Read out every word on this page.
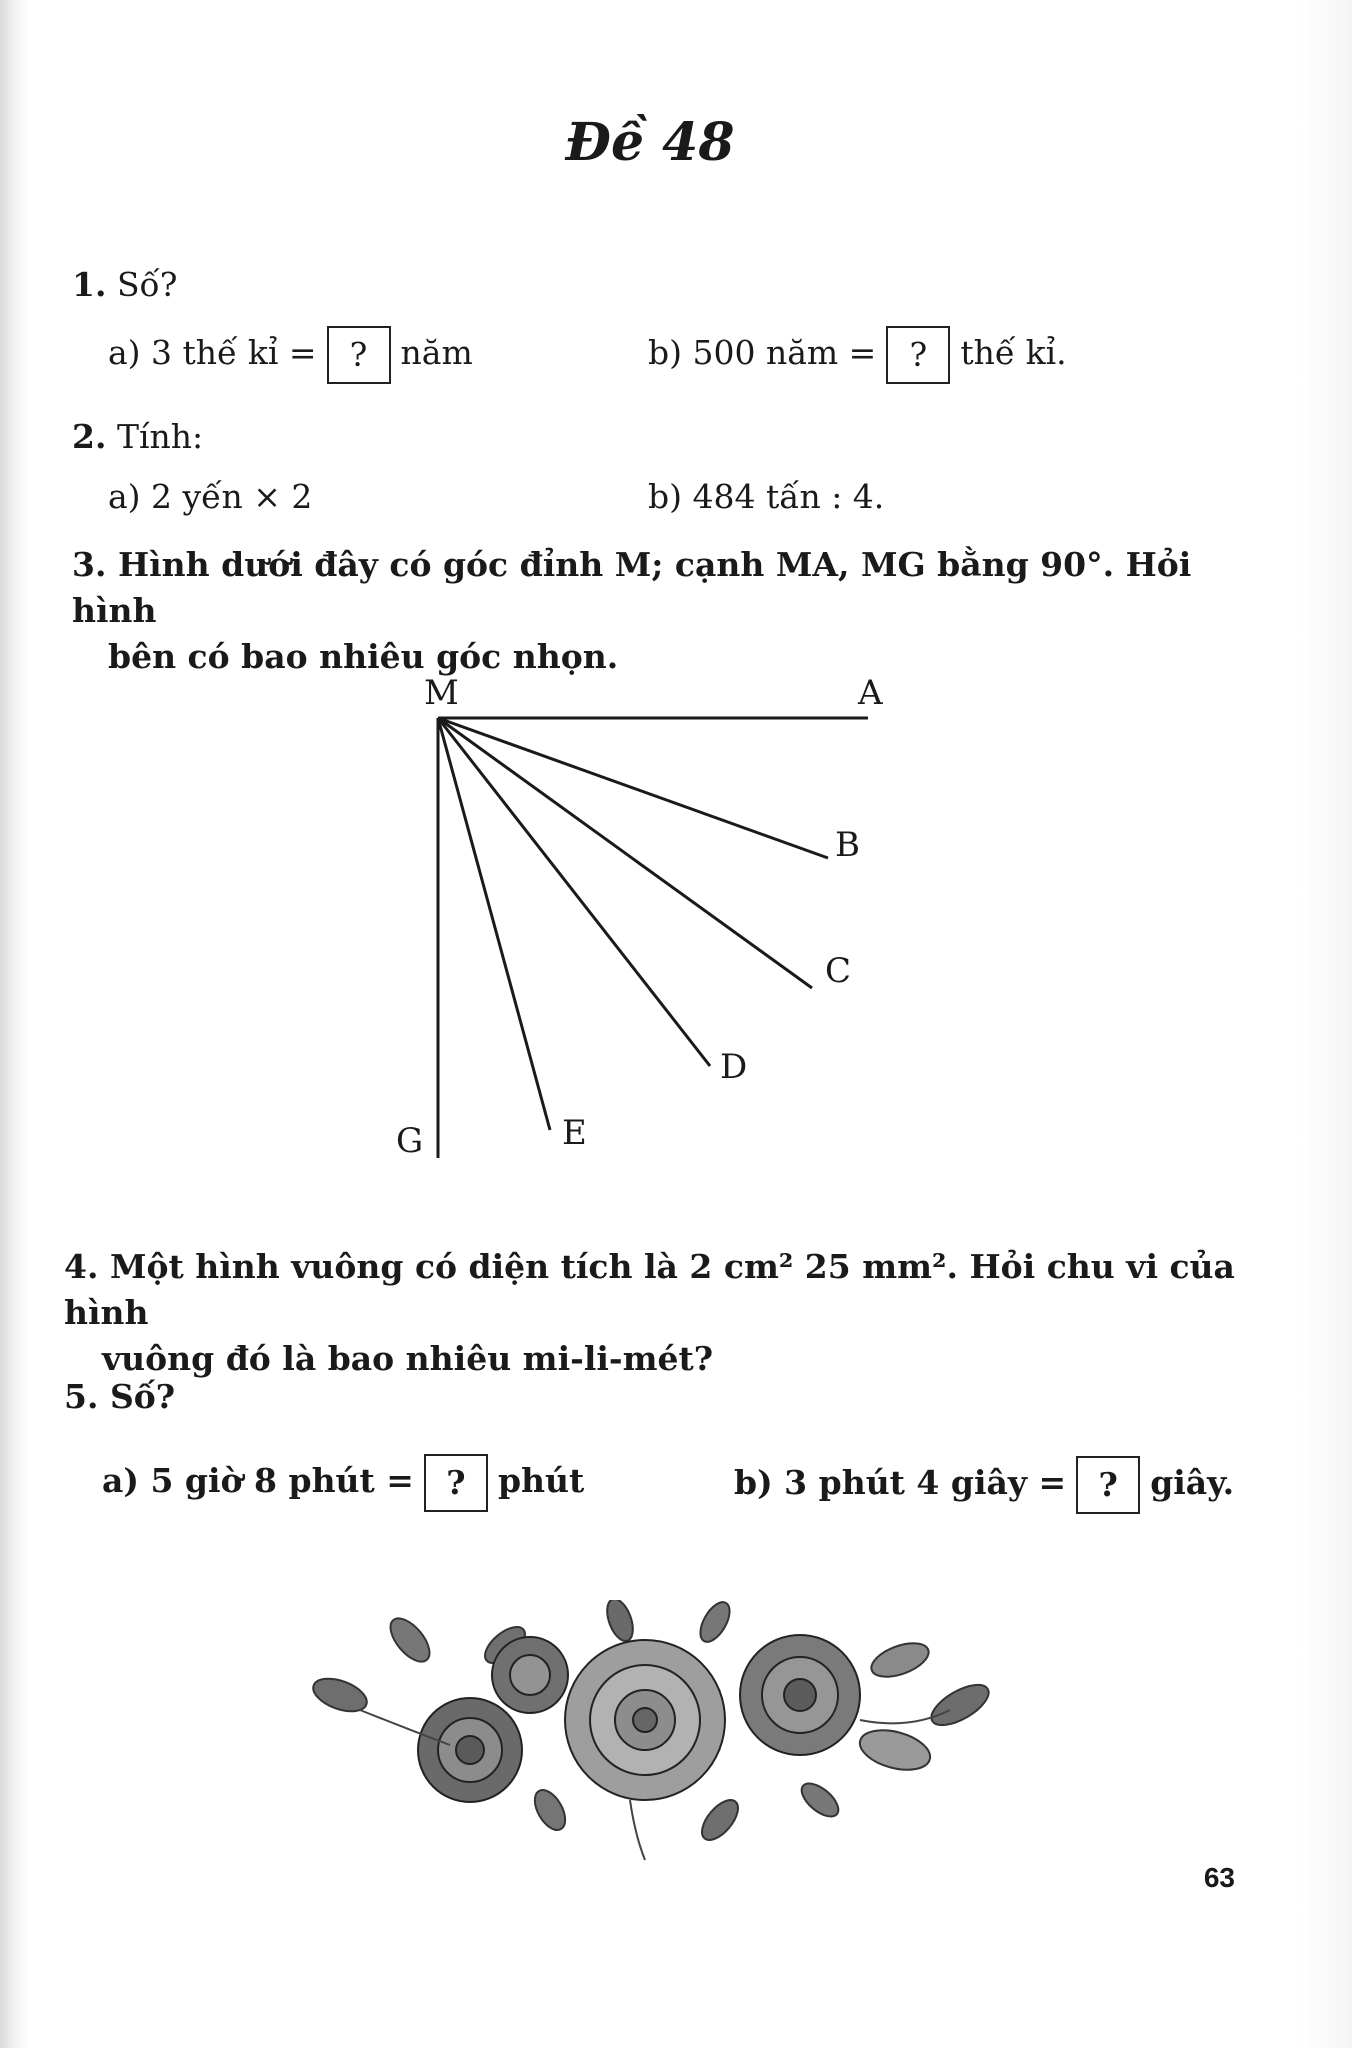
Đề 48
1. Số?
a) 3 thế kỉ = ? năm	b) 500 năm = ? thế kỉ.
2. Tính:
a) 2 yến × 2	b) 484 tấn : 4.
3. Hình dưới đây có góc đỉnh M; cạnh MA, MG bằng 90°. Hỏi hình
bên có bao nhiêu góc nhọn.
M	A
B
C
D
E
G
4. Một hình vuông có diện tích là 2 cm² 25 mm². Hỏi chu vi của hình
vuông đó là bao nhiêu mi-li-mét?
5. Số?
a) 5 giờ 8 phút = ? phút	b) 3 phút 4 giây = ? giây.
63
